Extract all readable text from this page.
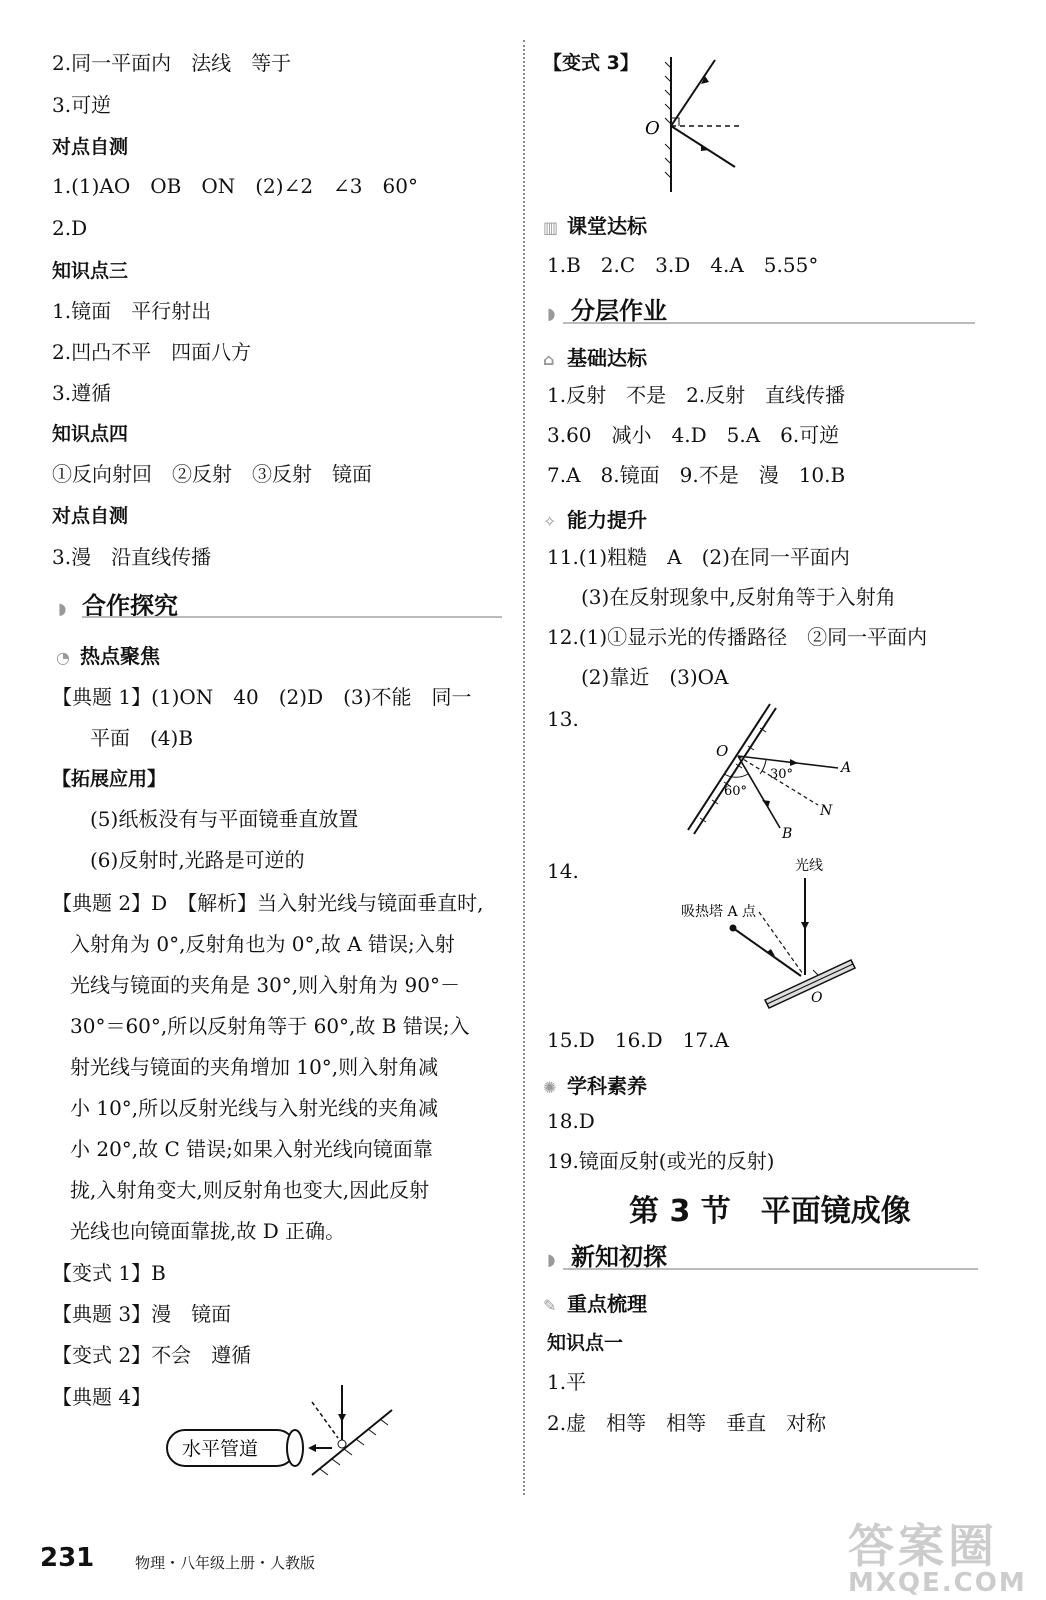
2.同一平面内　法线　等于
3.可逆
对点自测
1.(1)AO　OB　ON　(2)∠2　∠3　60°
2.D
知识点三
1.镜面　平行射出
2.凹凸不平　四面八方
3.遵循
知识点四
①反向射回　②反射　③反射　镜面
对点自测
3.漫　沿直线传播
◗ 合作探究
◔ 热点聚焦
【典题 1】(1)ON　40　(2)D　(3)不能　同一
平面　(4)B
【拓展应用】
(5)纸板没有与平面镜垂直放置
(6)反射时,光路是可逆的
【典题 2】D　【解析】当入射光线与镜面垂直时,
入射角为 0°,反射角也为 0°,故 A 错误;入射
光线与镜面的夹角是 30°,则入射角为 90°－
30°＝60°,所以反射角等于 60°,故 B 错误;入
射光线与镜面的夹角增加 10°,则入射角减
小 10°,所以反射光线与入射光线的夹角减
小 20°,故 C 错误;如果入射光线向镜面靠
拢,入射角变大,则反射角也变大,因此反射
光线也向镜面靠拢,故 D 正确。
【变式 1】B
【典题 3】漫　镜面
【变式 2】不会　遵循
【典题 4】
水平管道
【变式 3】
O
▥ 课堂达标
1.B　2.C　3.D　4.A　5.55°
◗ 分层作业
⌂ 基础达标
1.反射　不是　2.反射　直线传播
3.60　减小　4.D　5.A　6.可逆
7.A　8.镜面　9.不是　漫　10.B
✧ 能力提升
11.(1)粗糙　A　(2)在同一平面内
(3)在反射现象中,反射角等于入射角
12.(1)①显示光的传播路径　②同一平面内
(2)靠近　(3)OA
13.
O
A
N
B
30°
60°
14.	光线
吸热塔 A 点
O
15.D　16.D　17.A
✺ 学科素养
18.D
19.镜面反射(或光的反射)
第 3 节　平面镜成像
◗ 新知初探
✎ 重点梳理
知识点一
1.平
2.虚　相等　相等　垂直　对称
231	物理・八年级上册・人教版	答案圈
MXQE.COM
